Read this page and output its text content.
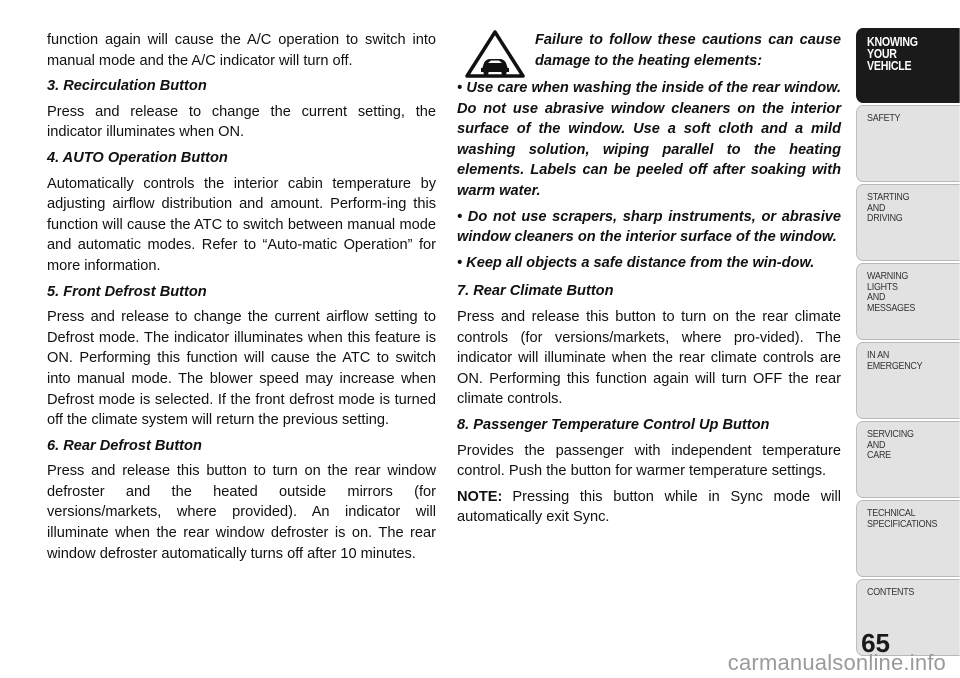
function again will cause the A/C operation to switch into manual mode and the A/C indicator will turn off.

3. Recirculation Button

Press and release to change the current setting, the indicator illuminates when ON.

4. AUTO Operation Button

Automatically controls the interior cabin temperature by adjusting airflow distribution and amount. Perform-ing this function will cause the ATC to switch between manual mode and automatic modes. Refer to “Auto-matic Operation” for more information.

5. Front Defrost Button

Press and release to change the current airflow setting to Defrost mode. The indicator illuminates when this feature is ON. Performing this function will cause the ATC to switch into manual mode. The blower speed may increase when Defrost mode is selected. If the front defrost mode is turned off the climate system will return the previous setting.

6. Rear Defrost Button

Press and release this button to turn on the rear window defroster and the heated outside mirrors (for versions/markets, where provided). An indicator will illuminate when the rear window defroster is on. The rear window defroster automatically turns off after 10 minutes.

Failure to follow these cautions can cause damage to the heating elements:

• Use care when washing the inside of the rear window. Do not use abrasive window cleaners on the interior surface of the window. Use a soft cloth and a mild washing solution, wiping parallel to the heating elements. Labels can be peeled off after soaking with warm water.

• Do not use scrapers, sharp instruments, or abrasive window cleaners on the interior surface of the window.

• Keep all objects a safe distance from the win-dow.

7. Rear Climate Button

Press and release this button to turn on the rear climate controls (for versions/markets, where pro-vided). The indicator will illuminate when the rear climate controls are ON. Performing this function again will turn OFF the rear climate controls.

8. Passenger Temperature Control Up Button

Provides the passenger with independent temperature control. Push the button for warmer temperature settings.

NOTE: Pressing this button while in Sync mode will automatically exit Sync.

KNOWING
YOUR
VEHICLE
SAFETY
STARTING
AND
DRIVING
WARNING
LIGHTS
AND
MESSAGES
IN AN
EMERGENCY
SERVICING
AND
CARE
TECHNICAL
SPECIFICATIONS
CONTENTS
65
carmanualsonline.info
